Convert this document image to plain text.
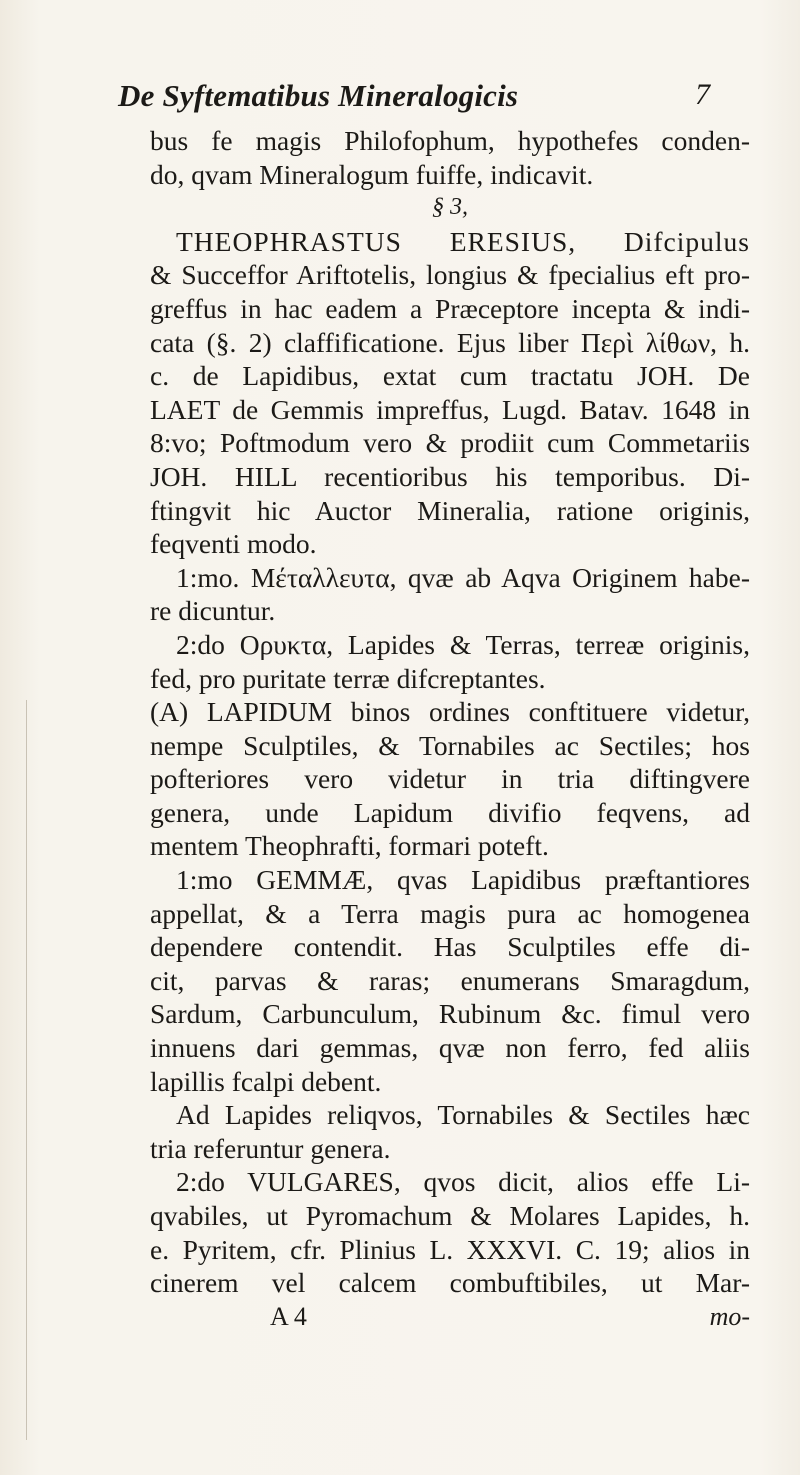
De Syftematibus Mineralogicis	7
bus fe magis Philofophum, hypothefes conden-
do, qvam Mineralogum fuiffe, indicavit.
§ 3,
THEOPHRASTUS ERESIUS, Difcipulus
& Succeffor Ariftotelis, longius & fpecialius eft pro-
greffus in hac eadem a Præceptore incepta & indi-
cata (§. 2) claffificatione. Ejus liber Περὶ λίθων, h.
c. de Lapidibus, extat cum tractatu JOH. De
LAET de Gemmis impreffus, Lugd. Batav. 1648 in
8:vo; Poftmodum vero & prodiit cum Commetariis
JOH. HILL recentioribus his temporibus. Di-
ftingvit hic Auctor Mineralia, ratione originis,
feqventi modo.
1:mo. Μέταλλευτα, qvæ ab Aqva Originem habe-
re dicuntur.
2:do Ορυκτα, Lapides & Terras, terreæ originis,
fed, pro puritate terræ difcreptantes.
(A) LAPIDUM binos ordines conftituere videtur,
nempe Sculptiles, & Tornabiles ac Sectiles; hos
pofteriores vero videtur in tria diftingvere
genera, unde Lapidum divifio feqvens, ad
mentem Theophrafti, formari poteft.
1:mo GEMMÆ, qvas Lapidibus præftantiores
appellat, & a Terra magis pura ac homogenea
dependere contendit. Has Sculptiles effe di-
cit, parvas & raras; enumerans Smaragdum,
Sardum, Carbunculum, Rubinum &c. fimul vero
innuens dari gemmas, qvæ non ferro, fed aliis
lapillis fcalpi debent.
Ad Lapides reliqvos, Tornabiles & Sectiles hæc
tria referuntur genera.
2:do VULGARES, qvos dicit, alios effe Li-
qvabiles, ut Pyromachum & Molares Lapides, h.
e. Pyritem, cfr. Plinius L. XXXVI. C. 19; alios in
cinerem vel calcem combuftibiles, ut Mar-
A 4	mo-
